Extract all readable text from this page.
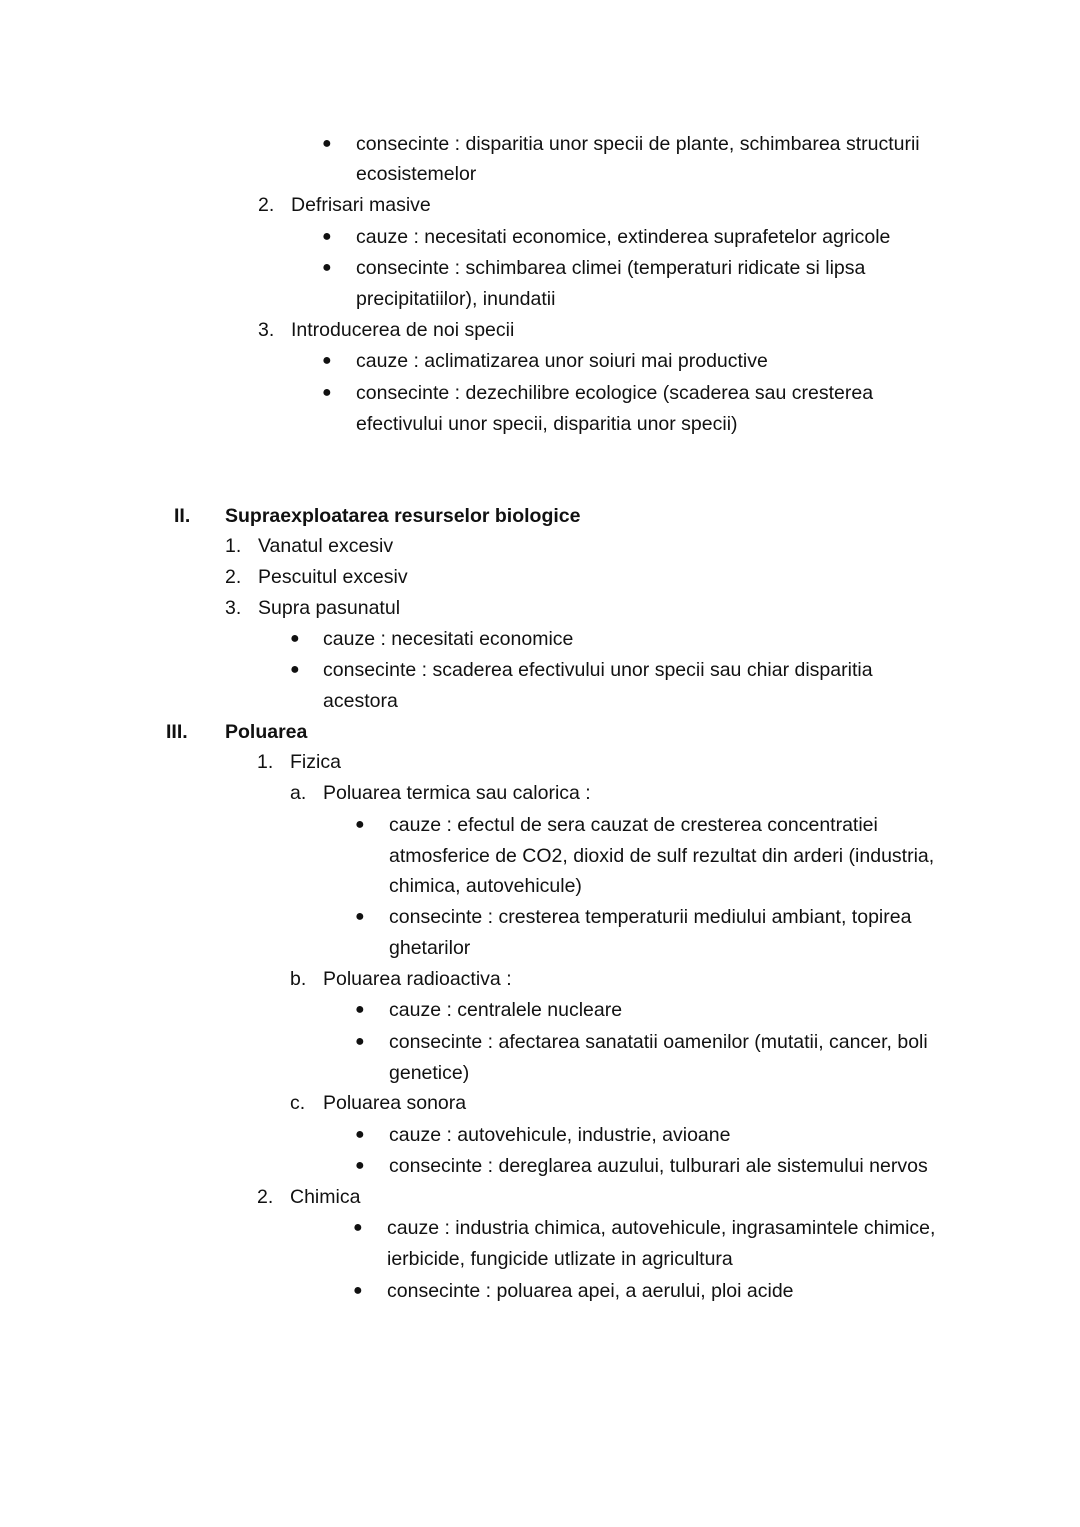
● consecinte : disparitia unor specii de plante, schimbarea structurii
ecosistemelor
2. Defrisari masive
● cauze : necesitati economice, extinderea suprafetelor agricole
● consecinte : schimbarea climei (temperaturi ridicate si lipsa
precipitatiilor), inundatii
3. Introducerea de noi specii
● cauze : aclimatizarea unor soiuri mai productive
● consecinte : dezechilibre ecologice (scaderea sau cresterea
efectivului unor specii, disparitia unor specii)
II. Supraexploatarea resurselor biologice
1. Vanatul excesiv
2. Pescuitul excesiv
3. Supra pasunatul
● cauze : necesitati economice
● consecinte : scaderea efectivului unor specii sau chiar disparitia
acestora
III. Poluarea
1. Fizica
a. Poluarea termica sau calorica :
● cauze : efectul de sera cauzat de cresterea concentratiei
atmosferice de CO2, dioxid de sulf rezultat din arderi (industria,
chimica, autovehicule)
● consecinte : cresterea temperaturii mediului ambiant, topirea
ghetarilor
b. Poluarea radioactiva :
● cauze : centralele nucleare
● consecinte : afectarea sanatatii oamenilor (mutatii, cancer, boli
genetice)
c. Poluarea sonora
● cauze : autovehicule, industrie, avioane
● consecinte : dereglarea auzului, tulburari ale sistemului nervos
2. Chimica
● cauze : industria chimica, autovehicule, ingrasamintele chimice,
ierbicide, fungicide utlizate in agricultura
● consecinte : poluarea apei, a aerului, ploi acide
